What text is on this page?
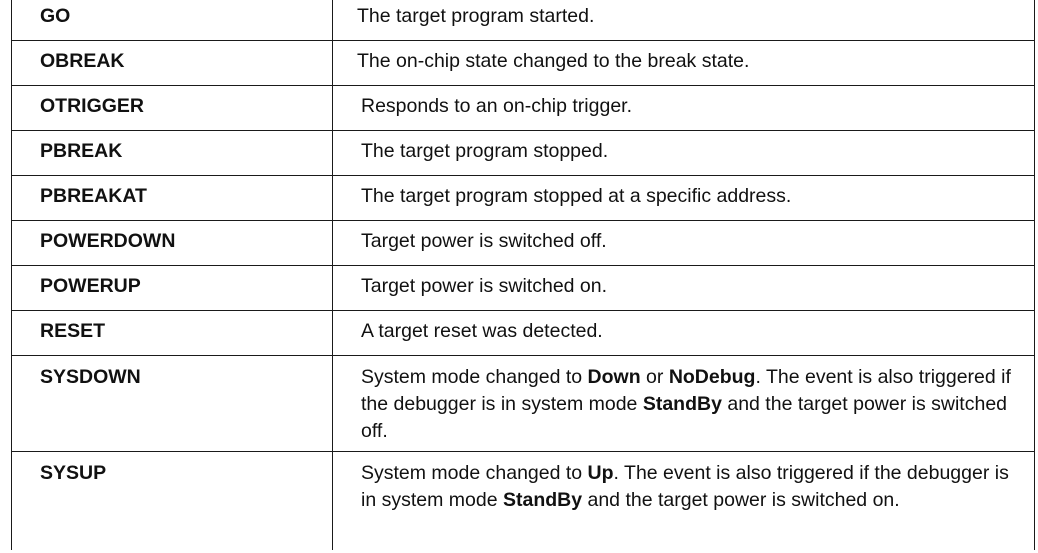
GO	The target program started.

OBREAK	The on-chip state changed to the break state.

OTRIGGER	Responds to an on-chip trigger.

PBREAK	The target program stopped.

PBREAKAT	The target program stopped at a specific address.

POWERDOWN	Target power is switched off.

POWERUP	Target power is switched on.

RESET	A target reset was detected.

SYSDOWN	System mode changed to Down or NoDebug. The event is also triggered if the debugger is in system mode StandBy and the target power is switched off.

SYSUP	System mode changed to Up. The event is also triggered if the debugger is in system mode StandBy and the target power is switched on.
